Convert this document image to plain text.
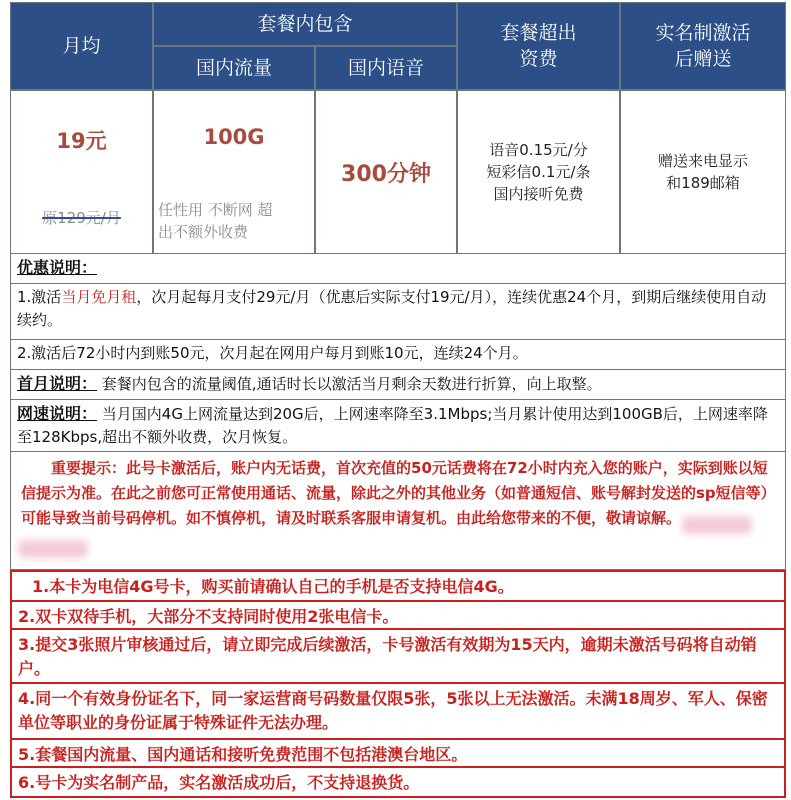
月均
套餐内包含
国内流量	国内语音
套餐超出
资费
实名制激活
后赠送
19元
原129元/月
100G
任性用 不断网 超
出不额外收费
300分钟
语音0.15元/分
短彩信0.1元/条
国内接听免费
赠送来电显示
和189邮箱
优惠说明：
1.激活当月免月租，次月起每月支付29元/月（优惠后实际支付19元/月），连续优惠24个月，到期后继续使用自动续约。
2.激活后72小时内到账50元，次月起在网用户每月到账10元，连续24个月。
首月说明： 套餐内包含的流量阈值,通话时长以激活当月剩余天数进行折算，向上取整。
网速说明： 当月国内4G上网流量达到20G后，上网速率降至3.1Mbps;当月累计使用达到100GB后，上网速率降至128Kbps,超出不额外收费，次月恢复。
重要提示：此号卡激活后，账户内无话费，首次充值的50元话费将在72小时内充入您的账户，实际到账以短信提示为准。在此之前您可正常使用通话、流量，除此之外的其他业务（如普通短信、账号解封发送的sp短信等）可能导致当前号码停机。如不慎停机，请及时联系客服申请复机。由此给您带来的不便，敬请谅解。
1.本卡为电信4G号卡，购买前请确认自己的手机是否支持电信4G。
2.双卡双待手机，大部分不支持同时使用2张电信卡。
3.提交3张照片审核通过后，请立即完成后续激活，卡号激活有效期为15天内，逾期未激活号码将自动销户。
4.同一个有效身份证名下，同一家运营商号码数量仅限5张，5张以上无法激活。未满18周岁、军人、保密单位等职业的身份证属于特殊证件无法办理。
5.套餐国内流量、国内通话和接听免费范围不包括港澳台地区。
6.号卡为实名制产品，实名激活成功后，不支持退换货。
